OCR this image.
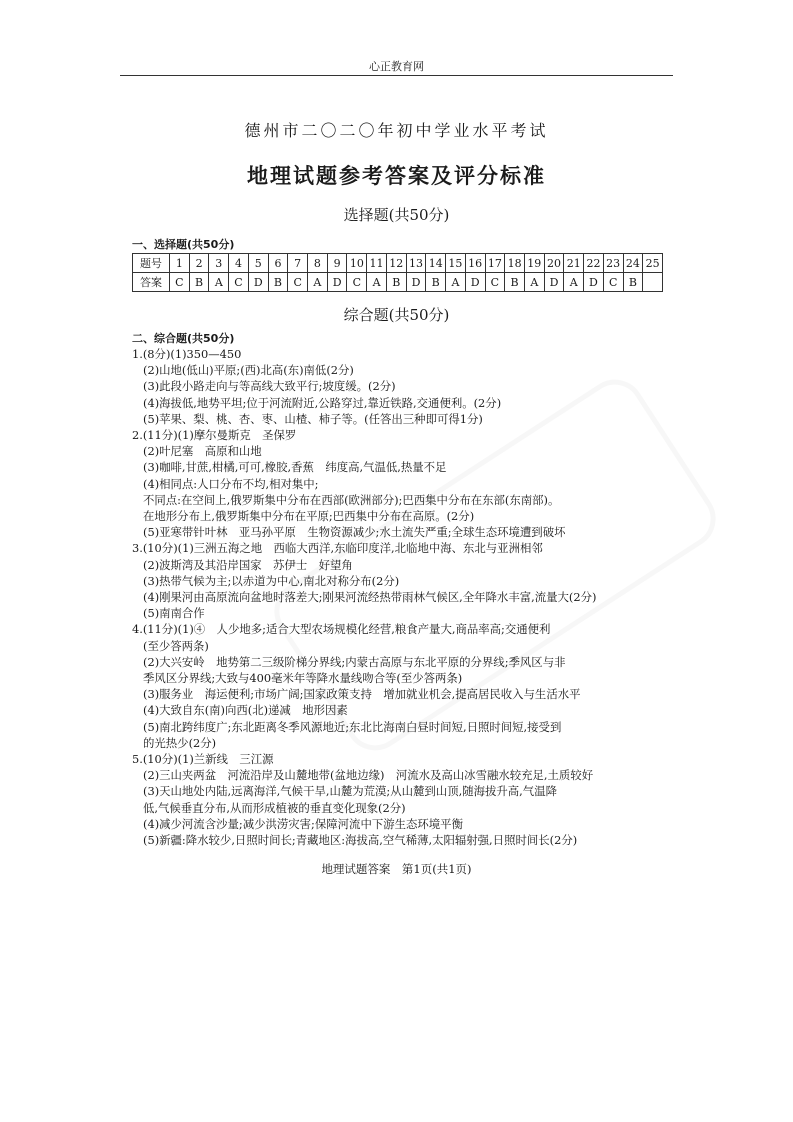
心正教育网
德州市二〇二〇年初中学业水平考试
地理试题参考答案及评分标准
选择题(共50分)
一、选择题(共50分)
题号	1	2	3	4	5	6	7	8	9	10	11	12	13	14	15	16	17	18	19	20	21	22	23	24	25
答案	C	B	A	C	D	B	C	A	D	C	A	B	D	B	A	D	C	B	A	D	A	D	C	B	
综合题(共50分)
二、综合题(共50分)
1.(8分)(1)350—450
(2)山地(低山)平原;(西)北高(东)南低(2分)
(3)此段小路走向与等高线大致平行;坡度缓。(2分)
(4)海拔低,地势平坦;位于河流附近,公路穿过,靠近铁路,交通便利。(2分)
(5)苹果、梨、桃、杏、枣、山楂、柿子等。(任答出三种即可得1分)
2.(11分)(1)摩尔曼斯克　圣保罗
(2)叶尼塞　高原和山地
(3)咖啡,甘蔗,柑橘,可可,橡胶,香蕉　纬度高,气温低,热量不足
(4)相同点:人口分布不均,相对集中;
不同点:在空间上,俄罗斯集中分布在西部(欧洲部分);巴西集中分布在东部(东南部)。
在地形分布上,俄罗斯集中分布在平原;巴西集中分布在高原。(2分)
(5)亚寒带针叶林　亚马孙平原　生物资源减少;水土流失严重;全球生态环境遭到破坏
3.(10分)(1)三洲五海之地　西临大西洋,东临印度洋,北临地中海、东北与亚洲相邻
(2)波斯湾及其沿岸国家　苏伊士　好望角
(3)热带气候为主;以赤道为中心,南北对称分布(2分)
(4)刚果河由高原流向盆地时落差大;刚果河流经热带雨林气候区,全年降水丰富,流量大(2分)
(5)南南合作
4.(11分)(1)④　人少地多;适合大型农场规模化经营,粮食产量大,商品率高;交通便利
(至少答两条)
(2)大兴安岭　地势第二三级阶梯分界线;内蒙古高原与东北平原的分界线;季风区与非
季风区分界线;大致与400毫米年等降水量线吻合等(至少答两条)
(3)服务业　海运便利;市场广阔;国家政策支持　增加就业机会,提高居民收入与生活水平
(4)大致自东(南)向西(北)递减　地形因素
(5)南北跨纬度广;东北距离冬季风源地近;东北比海南白昼时间短,日照时间短,接受到
的光热少(2分)
5.(10分)(1)兰新线　三江源
(2)三山夹两盆　河流沿岸及山麓地带(盆地边缘)　河流水及高山冰雪融水较充足,土质较好
(3)天山地处内陆,远离海洋,气候干旱,山麓为荒漠;从山麓到山顶,随海拔升高,气温降
低,气候垂直分布,从而形成植被的垂直变化现象(2分)
(4)减少河流含沙量;减少洪涝灾害;保障河流中下游生态环境平衡
(5)新疆:降水较少,日照时间长;青藏地区:海拔高,空气稀薄,太阳辐射强,日照时间长(2分)
地理试题答案　第1页(共1页)
